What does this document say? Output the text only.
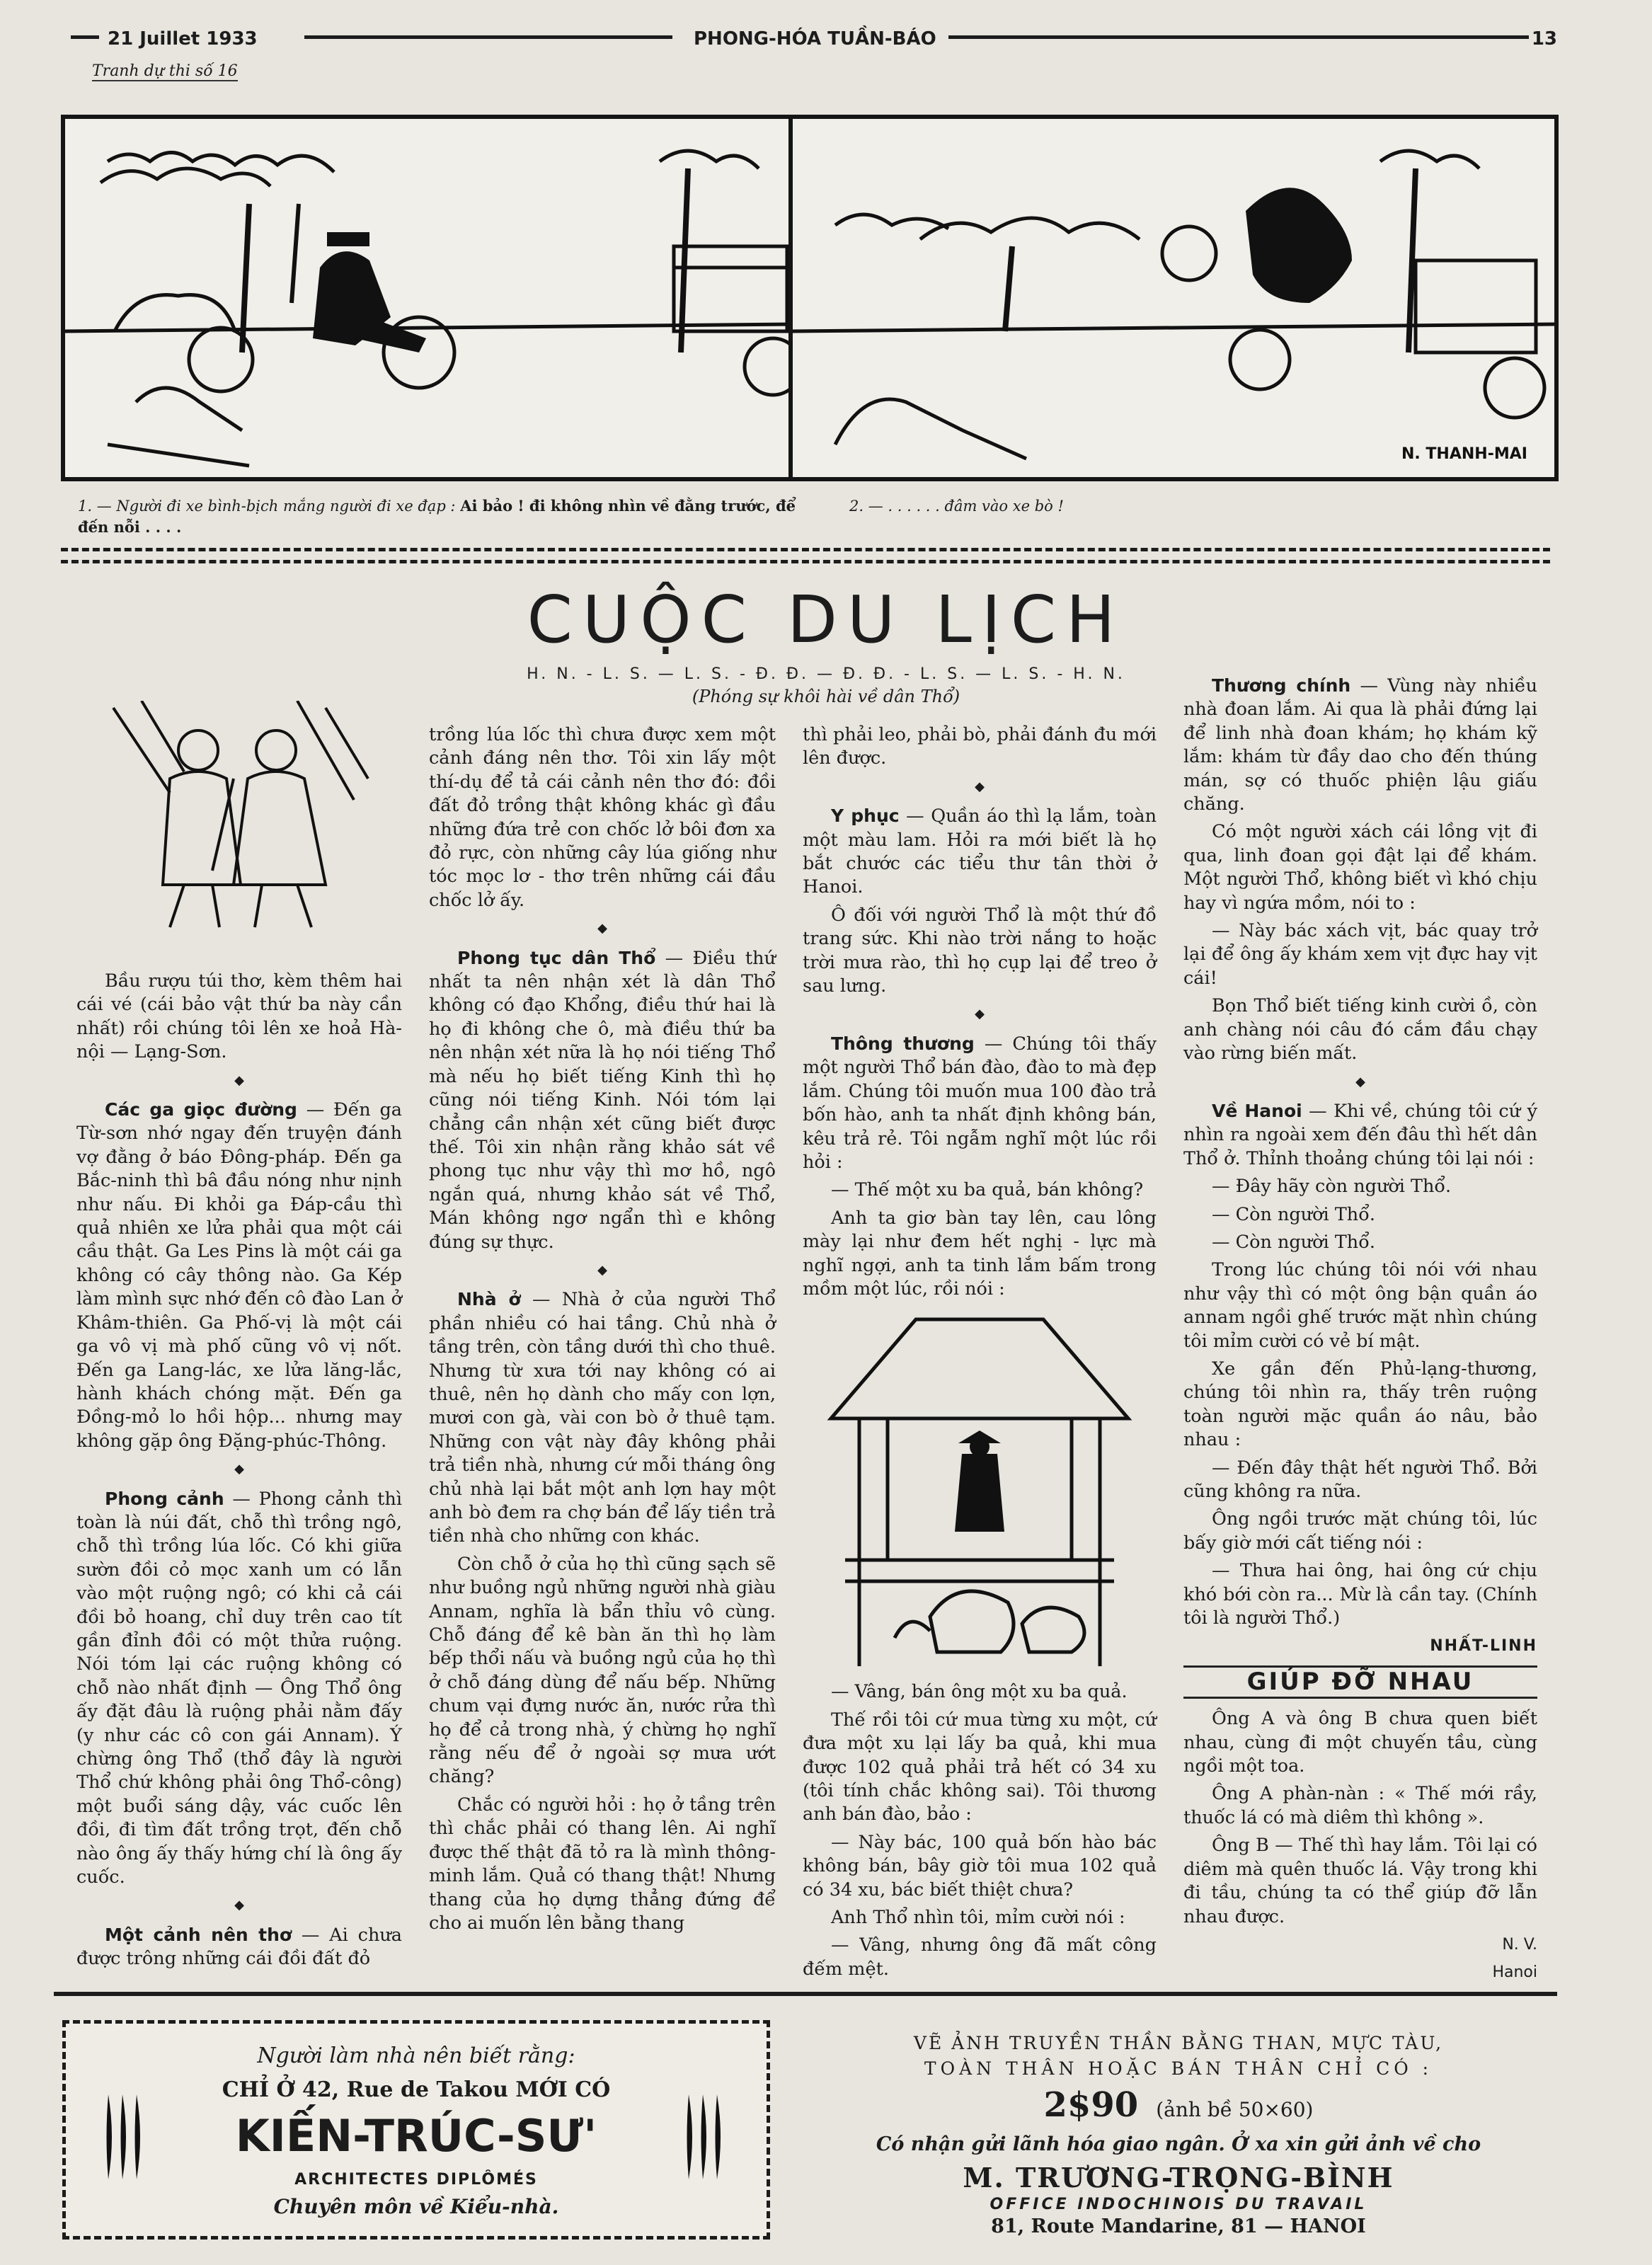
21 Juillet 1933	PHONG-HÓA TUẦN-BÁO	13
Tranh dự thi số 16
N. THANH-MAI
1. — Người đi xe bình-bịch mắng người đi xe đạp : Ai bảo ! đi không nhìn về đằng trước, để đến nỗi . . . .
2. — . . . . . . đâm vào xe bò !
CUỘC DU LỊCH
H. N. - L. S. — L. S. - Đ. Đ. — Đ. Đ. - L. S. — L. S. - H. N.
(Phóng sự khôi hài về dân Thổ)

Bầu rượu túi thơ, kèm thêm hai cái vé (cái bảo vật thứ ba này cần nhất) rồi chúng tôi lên xe hoả Hà-nội — Lạng-Sơn.

◆

Các ga giọc đường — Đến ga Từ-sơn nhớ ngay đến truyện đánh vợ đằng ở báo Đông-pháp. Đến ga Bắc-ninh thì bâ đầu nóng như nịnh như nấu. Đi khỏi ga Đáp-cầu thì quả nhiên xe lửa phải qua một cái cầu thật. Ga Les Pins là một cái ga không có cây thông nào. Ga Kép làm mình sực nhớ đến cô đào Lan ở Khâm-thiên. Ga Phố-vị là một cái ga vô vị mà phố cũng vô vị nốt. Đến ga Lang-lác, xe lửa lăng-lắc, hành khách chóng mặt. Đến ga Đồng-mỏ lo hồi hộp... nhưng may không gặp ông Đặng-phúc-Thông.

◆

Phong cảnh — Phong cảnh thì toàn là núi đất, chỗ thì trồng ngô, chỗ thì trồng lúa lốc. Có khi giữa sườn đồi cỏ mọc xanh um có lẫn vào một ruộng ngô; có khi cả cái đồi bỏ hoang, chỉ duy trên cao tít gần đỉnh đồi có một thửa ruộng. Nói tóm lại các ruộng không có chỗ nào nhất định — Ông Thổ ông ấy đặt đâu là ruộng phải nằm đấy (y như các cô con gái Annam). Ý chừng ông Thổ (thổ đây là người Thổ chứ không phải ông Thổ-công) một buổi sáng dậy, vác cuốc lên đồi, đi tìm đất trồng trọt, đến chỗ nào ông ấy thấy hứng chí là ông ấy cuốc.

◆

Một cảnh nên thơ — Ai chưa được trông những cái đồi đất đỏ

trồng lúa lốc thì chưa được xem một cảnh đáng nên thơ. Tôi xin lấy một thí-dụ để tả cái cảnh nên thơ đó: đồi đất đỏ trồng thật không khác gì đầu những đứa trẻ con chốc lở bôi đơn xa đỏ rực, còn những cây lúa giống như tóc mọc lơ - thơ trên những cái đầu chốc lở ấy.

◆

Phong tục dân Thổ — Điều thứ nhất ta nên nhận xét là dân Thổ không có đạo Khổng, điều thứ hai là họ đi không che ô, mà điều thứ ba nên nhận xét nữa là họ nói tiếng Thổ mà nếu họ biết tiếng Kinh thì họ cũng nói tiếng Kinh. Nói tóm lại chẳng cần nhận xét cũng biết được thế. Tôi xin nhận rằng khảo sát về phong tục như vậy thì mơ hồ, ngô ngắn quá, nhưng khảo sát về Thổ, Mán không ngơ ngẩn thì e không đúng sự thực.

◆

Nhà ở — Nhà ở của người Thổ phần nhiều có hai tầng. Chủ nhà ở tầng trên, còn tầng dưới thì cho thuê. Nhưng từ xưa tới nay không có ai thuê, nên họ dành cho mấy con lợn, mươi con gà, vài con bò ở thuê tạm. Những con vật này đây không phải trả tiền nhà, nhưng cứ mỗi tháng ông chủ nhà lại bắt một anh lợn hay một anh bò đem ra chợ bán để lấy tiền trả tiền nhà cho những con khác.

Còn chỗ ở của họ thì cũng sạch sẽ như buồng ngủ những người nhà giàu Annam, nghĩa là bẩn thỉu vô cùng. Chỗ đáng để kê bàn ăn thì họ làm bếp thổi nấu và buồng ngủ của họ thì ở chỗ đáng dùng để nấu bếp. Những chum vại đựng nước ăn, nước rửa thì họ để cả trong nhà, ý chừng họ nghĩ rằng nếu để ở ngoài sợ mưa ướt chăng?

Chắc có người hỏi : họ ở tầng trên thì chắc phải có thang lên. Ai nghĩ được thế thật đã tỏ ra là mình thông-minh lắm. Quả có thang thật! Nhưng thang của họ dựng thẳng đứng để cho ai muốn lên bằng thang

thì phải leo, phải bò, phải đánh đu mới lên được.

◆

Y phục — Quần áo thì lạ lắm, toàn một màu lam. Hỏi ra mới biết là họ bắt chước các tiểu thư tân thời ở Hanoi.

Ô đối với người Thổ là một thứ đồ trang sức. Khi nào trời nắng to hoặc trời mưa rào, thì họ cụp lại để treo ở sau lưng.

◆

Thông thương — Chúng tôi thấy một người Thổ bán đào, đào to mà đẹp lắm. Chúng tôi muốn mua 100 đào trả bốn hào, anh ta nhất định không bán, kêu trả rẻ. Tôi ngẫm nghĩ một lúc rồi hỏi :

— Thế một xu ba quả, bán không?

Anh ta giơ bàn tay lên, cau lông mày lại như đem hết nghị - lực mà nghĩ ngợi, anh ta tinh lắm bấm trong mồm một lúc, rồi nói :

— Vâng, bán ông một xu ba quả.

Thế rồi tôi cứ mua từng xu một, cứ đưa một xu lại lấy ba quả, khi mua được 102 quả phải trả hết có 34 xu (tôi tính chắc không sai). Tôi thương anh bán đào, bảo :

— Này bác, 100 quả bốn hào bác không bán, bây giờ tôi mua 102 quả có 34 xu, bác biết thiệt chưa?

Anh Thổ nhìn tôi, mỉm cười nói :

— Vâng, nhưng ông đã mất công đếm mệt.

Thương chính — Vùng này nhiều nhà đoan lắm. Ai qua là phải đứng lại để linh nhà đoan khám; họ khám kỹ lắm: khám từ đầy dao cho đến thúng mán, sợ có thuốc phiện lậu giấu chăng.

Có một người xách cái lồng vịt đi qua, linh đoan gọi đật lại để khám. Một người Thổ, không biết vì khó chịu hay vì ngứa mồm, nói to :

— Này bác xách vịt, bác quay trở lại để ông ấy khám xem vịt đực hay vịt cái!

Bọn Thổ biết tiếng kinh cười ồ, còn anh chàng nói câu đó cắm đầu chạy vào rừng biến mất.

◆

Về Hanoi — Khi về, chúng tôi cứ ý nhìn ra ngoài xem đến đâu thì hết dân Thổ ở. Thỉnh thoảng chúng tôi lại nói :

— Đây hãy còn người Thổ.

— Còn người Thổ.

— Còn người Thổ.

Trong lúc chúng tôi nói với nhau như vậy thì có một ông bận quần áo annam ngồi ghế trước mặt nhìn chúng tôi mỉm cười có vẻ bí mật.

Xe gần đến Phủ-lạng-thương, chúng tôi nhìn ra, thấy trên ruộng toàn người mặc quần áo nâu, bảo nhau :

— Đến đây thật hết người Thổ. Bởi cũng không ra nữa.

Ông ngồi trước mặt chúng tôi, lúc bấy giờ mới cất tiếng nói :

— Thưa hai ông, hai ông cứ chịu khó bới còn ra... Mừ là cần tay. (Chính tôi là người Thổ.)

NHẤT-LINH

GIÚP ĐỠ NHAU

Ông A và ông B chưa quen biết nhau, cùng đi một chuyến tầu, cùng ngồi một toa.

Ông A phàn-nàn : « Thế mới rầy, thuốc lá có mà diêm thì không ».

Ông B — Thế thì hay lắm. Tôi lại có diêm mà quên thuốc lá. Vậy trong khi đi tầu, chúng ta có thể giúp đỡ lẫn nhau được.

N. V.

Hanoi

Người làm nhà nên biết rằng:
CHỈ Ở 42, Rue de Takou MỚI CÓ
KIẾN-TRÚC-SƯ'
ARCHITECTES DIPLÔMÉS
Chuyên môn về Kiểu-nhà.
VẼ ẢNH TRUYỀN THẦN BẰNG THAN, MỰC TÀU,
TOÀN THÂN HOẶC BÁN THÂN CHỈ CÓ :
2$90 (ảnh bề 50×60)
Có nhận gửi lãnh hóa giao ngân. Ở xa xin gửi ảnh về cho
M. TRƯƠNG-TRỌNG-BÌNH
OFFICE INDOCHINOIS DU TRAVAIL
81, Route Mandarine, 81 — HANOI
